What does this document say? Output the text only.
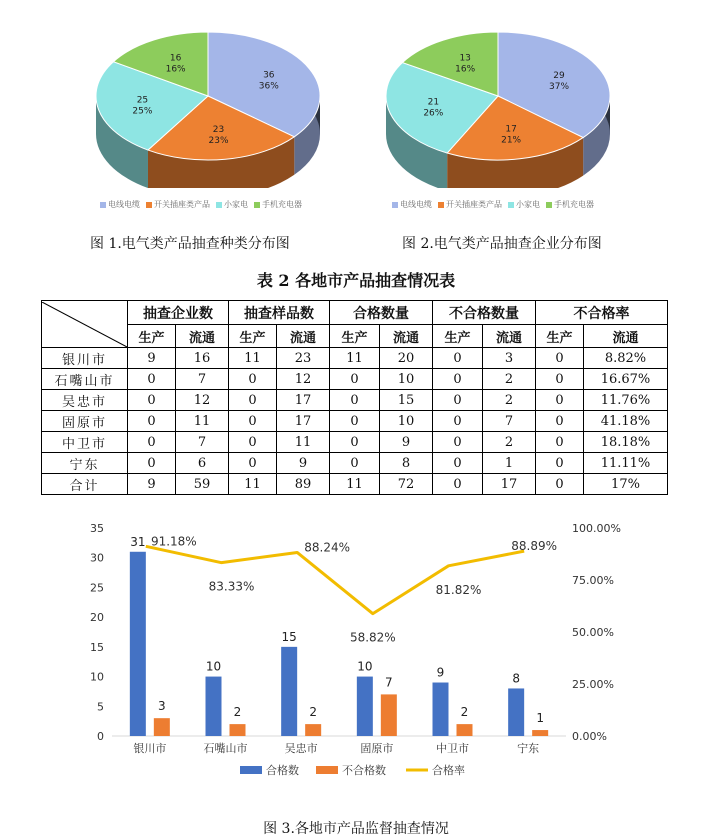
36
36%
23
23%
25
25%
16
16%
电线电缆 开关插座类产品 小家电 手机充电器
图 1.电气类产品抽查种类分布图
29
37%
17
21%
21
26%
13
16%
电线电缆 开关插座类产品 小家电 手机充电器
图 2.电气类产品抽查企业分布图
表 2 各地市产品抽查情况表
	抽查企业数		抽查样品数		合格数量		不合格数量		不合格率	
	生产	流通	生产	流通	生产	流通	生产	流通	生产	流通
银川市	9	16	11	23	11	20	0	3	0	8.82%
石嘴山市	0	7	0	12	0	10	0	2	0	16.67%
吴忠市	0	12	0	17	0	15	0	2	0	11.76%
固原市	0	11	0	17	0	10	0	7	0	41.18%
中卫市	0	7	0	11	0	9	0	2	0	18.18%
宁东	0	6	0	9	0	8	0	1	0	11.11%
合计	9	59	11	89	11	72	0	17	0	17%
0
5
10
15
20
25
30
35
0.00%
25.00%
50.00%
75.00%
100.00%
31
3
银川市
10
2
石嘴山市
15
2
吴忠市
10
7
固原市
9
2
中卫市
8
1
宁东
91.18%
83.33%
88.24%
58.82%
81.82%
88.89%
合格数	不合格数	合格率
图 3.各地市产品监督抽查情况
